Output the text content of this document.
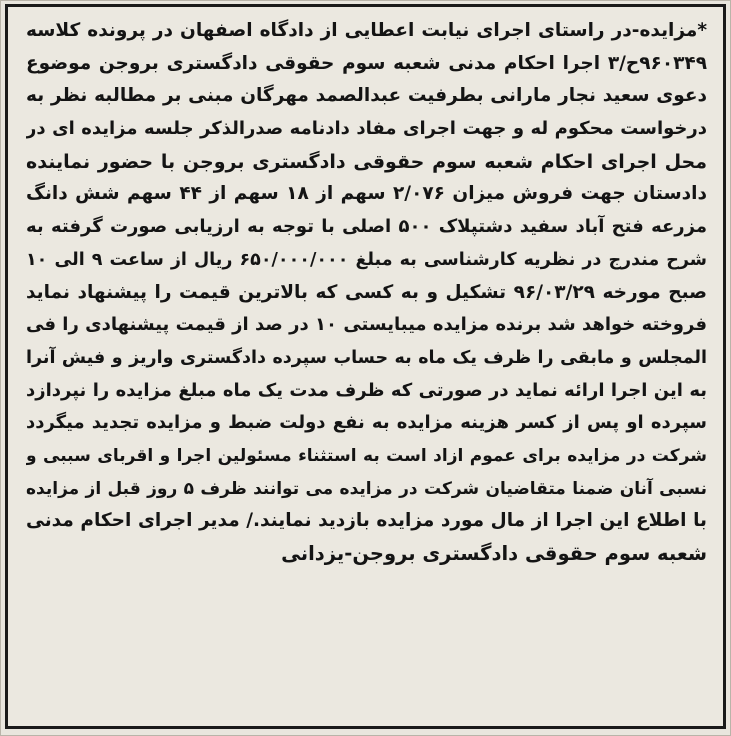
*مزایده-در راستای اجرای نیابت اعطایی از دادگاه اصفهان در پرونده کلاسه
۹۶۰۳۴۹ح/۳ اجرا احکام مدنی شعبه سوم حقوقی دادگستری بروجن موضوع
دعوی سعید نجار مارانی بطرفیت عبدالصمد مهرگان مبنی بر مطالبه نظر به
درخواست محکوم له و جهت اجرای مفاد دادنامه صدرالذکر جلسه مزایده ای در
محل اجرای احکام شعبه سوم حقوقی دادگستری بروجن با حضور نماینده
دادستان جهت فروش میزان ۲/۰۷۶ سهم از ۱۸ سهم از ۴۴ سهم شش دانگ
مزرعه فتح آباد سفید دشتپلاک ۵۰۰ اصلی با توجه به ارزیابی صورت گرفته به
شرح مندرج در نظریه کارشناسی به مبلغ ۶۵۰/۰۰۰/۰۰۰ ریال از ساعت ۹ الی ۱۰
صبح مورخه ۹۶/۰۳/۲۹ تشکیل و به کسی که بالاترین قیمت را پیشنهاد نماید
فروخته خواهد شد برنده مزایده میبایستی ۱۰ در صد از قیمت پیشنهادی را فی
المجلس و مابقی را ظرف یک ماه به حساب سپرده دادگستری واریز و فیش آنرا
به این اجرا ارائه نماید در صورتی که ظرف مدت یک ماه مبلغ مزایده را نپردازد
سپرده او پس از کسر هزینه مزایده به نفع دولت ضبط و مزایده تجدید میگردد
شرکت در مزایده برای عموم ازاد است به استثناء مسئولین اجرا و اقربای سببی و
نسبی آنان ضمنا متقاضیان شرکت در مزایده می توانند ظرف ۵ روز قبل از مزایده
با اطلاع این اجرا از مال مورد مزایده بازدید نمایند./ مدیر اجرای احکام مدنی
شعبه سوم حقوقی دادگستری بروجن-یزدانی
